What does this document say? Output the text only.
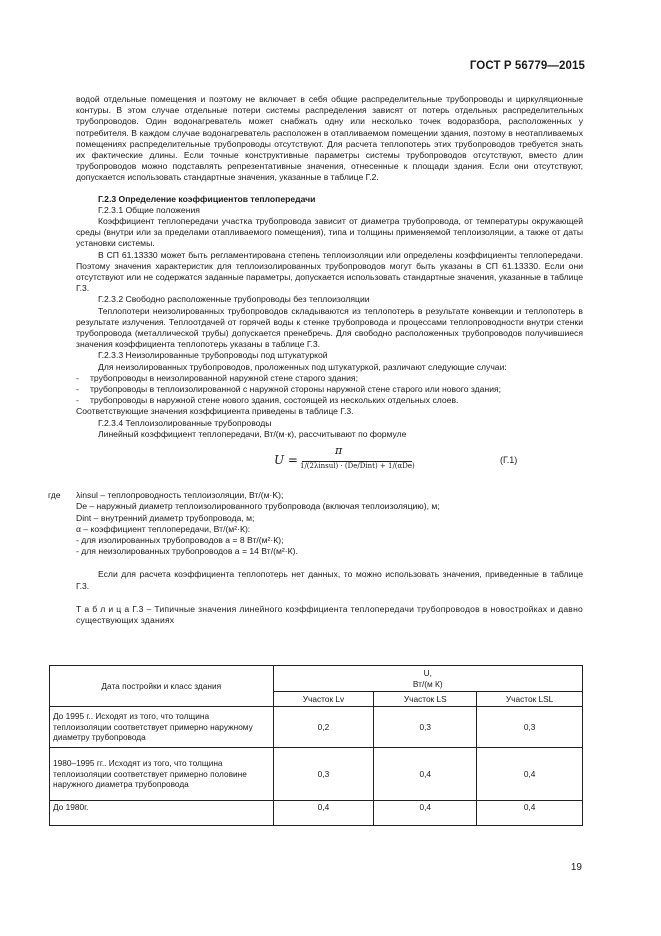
ГОСТ Р 56779—2015

водой отдельные помещения и поэтому не включает в себя общие распределительные трубопроводы и циркуляционные контуры. В этом случае отдельные потери системы распределения зависят от потерь отдельных распределительных трубопроводов. Один водонагреватель может снабжать одну или несколько точек водоразбора, расположенных у потребителя. В каждом случае водонагреватель расположен в отапливаемом помещении здания, поэтому в неотапливаемых помещениях распределительные трубопроводы отсутствуют. Для расчета теплопотерь этих трубопроводов требуется знать их фактические длины. Если точные конструктивные параметры системы трубопроводов отсутствуют, вместо длин трубопроводов можно подставлять репрезентативные значения, отнесенные к площади здания. Если они отсутствуют, допускается использовать стандартные значения, указанные в таблице Г.2.

Г.2.3 Определение коэффициентов теплопередачи

Г.2.3.1 Общие положения

Коэффициент теплопередачи участка трубопровода зависит от диаметра трубопровода, от температуры окружающей среды (внутри или за пределами отапливаемого помещения), типа и толщины применяемой теплоизоляции, а также от даты установки системы.

В СП 61.13330 может быть регламентирована степень теплоизоляции или определены коэффициенты теплопередачи. Поэтому значения характеристик для теплоизолированных трубопроводов могут быть указаны в СП 61.13330. Если они отсутствуют или не содержатся заданные параметры, допускается использовать стандартные значения, указанные в таблице Г.3.

Г.2.3.2 Свободно расположенные трубопроводы без теплоизоляции

Теплопотери неизолированных трубопроводов складываются из теплопотерь в результате конвекции и теплопотерь в результате излучения. Теплоотдачей от горячей воды к стенке трубопровода и процессами теплопроводности внутри стенки трубопровода (металлической трубы) допускается пренебречь. Для свободно расположенных трубопроводов получившиеся значения коэффициента теплопотерь указаны в таблице Г.3.

Г.2.3.3 Неизолированные трубопроводы под штукатуркой

Для неизолированных трубопроводов, проложенных под штукатуркой, различают следующие случаи:

- трубопроводы в неизолированной наружной стене старого здания;

- трубопроводы в теплоизолированной с наружной стороны наружной стене старого или нового здания;

- трубопроводы в наружной стене нового здания, состоящей из нескольких отдельных слоев.

Соответствующие значения коэффициента приведены в таблице Г.3.

Г.2.3.4 Теплоизолированные трубопроводы

Линейный коэффициент теплопередачи, Вт/(м·к), рассчитывают по формуле

U =
π
1/(2λinsul) · (De/Dint) + 1/(αDe)
(Г.1)
где λinsul – теплопроводность теплоизоляции, Вт/(м·K);

De – наружный диаметр теплоизолированного трубопровода (включая теплоизоляцию), м;

Dint – внутренний диаметр трубопровода, м;

α – коэффициент теплопередачи, Вт/(м²·К):

- для изолированных трубопроводов a = 8 Вт/(м²·К);

- для неизолированных трубопроводов a = 14 Вт/(м²·К).

Если для расчета коэффициента теплопотерь нет данных, то можно использовать значения, приведенные в таблице Г.3.

Т а б л и ц а Г.3 – Типичные значения линейного коэффициента теплопередачи трубопроводов в новостройках и давно существующих зданиях

Дата постройки и класс здания	U,
Вт/(м К)		

	Участок Lv	Участок LS	Участок LSL
До 1995 г.. Исходят из того, что толщина теплоизоляции соответствует примерно наружному диаметру трубопровода	0,2	0,3	0,3
1980–1995 гг.. Исходят из того, что толщина теплоизоляции соответствует примерно половине наружного диаметра трубопровода	0,3	0,4	0,4
До 1980г.	0,4	0,4	0,4
19
